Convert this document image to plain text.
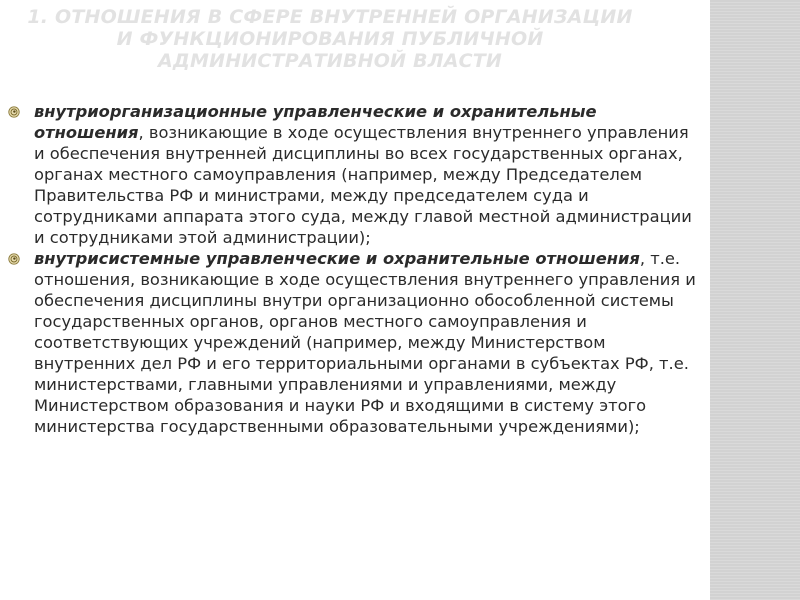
1. ОТНОШЕНИЯ В СФЕРЕ ВНУТРЕННЕЙ ОРГАНИЗАЦИИ
И ФУНКЦИОНИРОВАНИЯ ПУБЛИЧНОЙ
АДМИНИСТРАТИВНОЙ ВЛАСТИ
внутриорганизационные управленческие и охранительные отношения, возникающие в ходе осуществления внутреннего управления и обеспечения внутренней дисциплины во всех государственных органах, органах местного самоуправления (например, между Председателем Правительства РФ и министрами, между председателем суда и сотрудниками аппарата этого суда, между главой местной администрации и сотрудниками этой администрации);
внутрисистемные управленческие и охранительные отношения, т.е. отношения, возникающие в ходе осуществления внутреннего управления и обеспечения дисциплины внутри организационно обособленной системы государственных органов, органов местного самоуправления и соответствующих учреждений (например, между Министерством внутренних дел РФ и его территориальными органами в субъектах РФ, т.е. министерствами, главными управлениями и управлениями, между Министерством образования и науки РФ и входящими в систему этого министерства государственными образовательными учреждениями);
